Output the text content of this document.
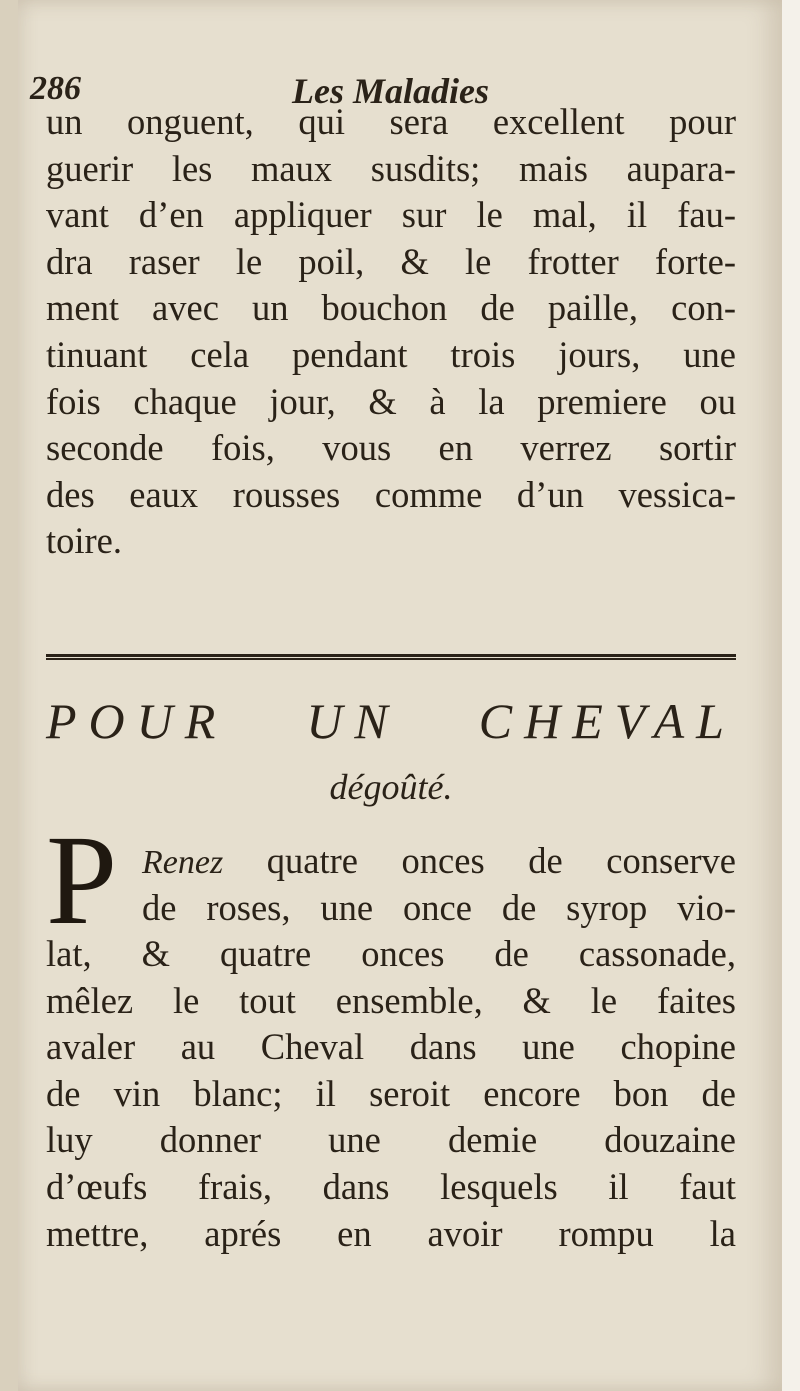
286	Les Maladies
un onguent, qui sera excellent pour
guerir les maux susdits; mais aupara-
vant d’en appliquer sur le mal, il fau-
dra raser le poil, & le frotter forte-
ment avec un bouchon de paille, con-
tinuant cela pendant trois jours, une
fois chaque jour, & à la premiere ou
seconde fois, vous en verrez sortir
des eaux rousses comme d’un vessica-
toire.
POUR UN CHEVAL
dégoûté.
P Renez quatre onces de conserve
de roses, une once de syrop vio-
lat, & quatre onces de cassonade,
mêlez le tout ensemble, & le faites
avaler au Cheval dans une chopine
de vin blanc; il seroit encore bon de
luy donner une demie douzaine
d’œufs frais, dans lesquels il faut
mettre, aprés en avoir rompu la
